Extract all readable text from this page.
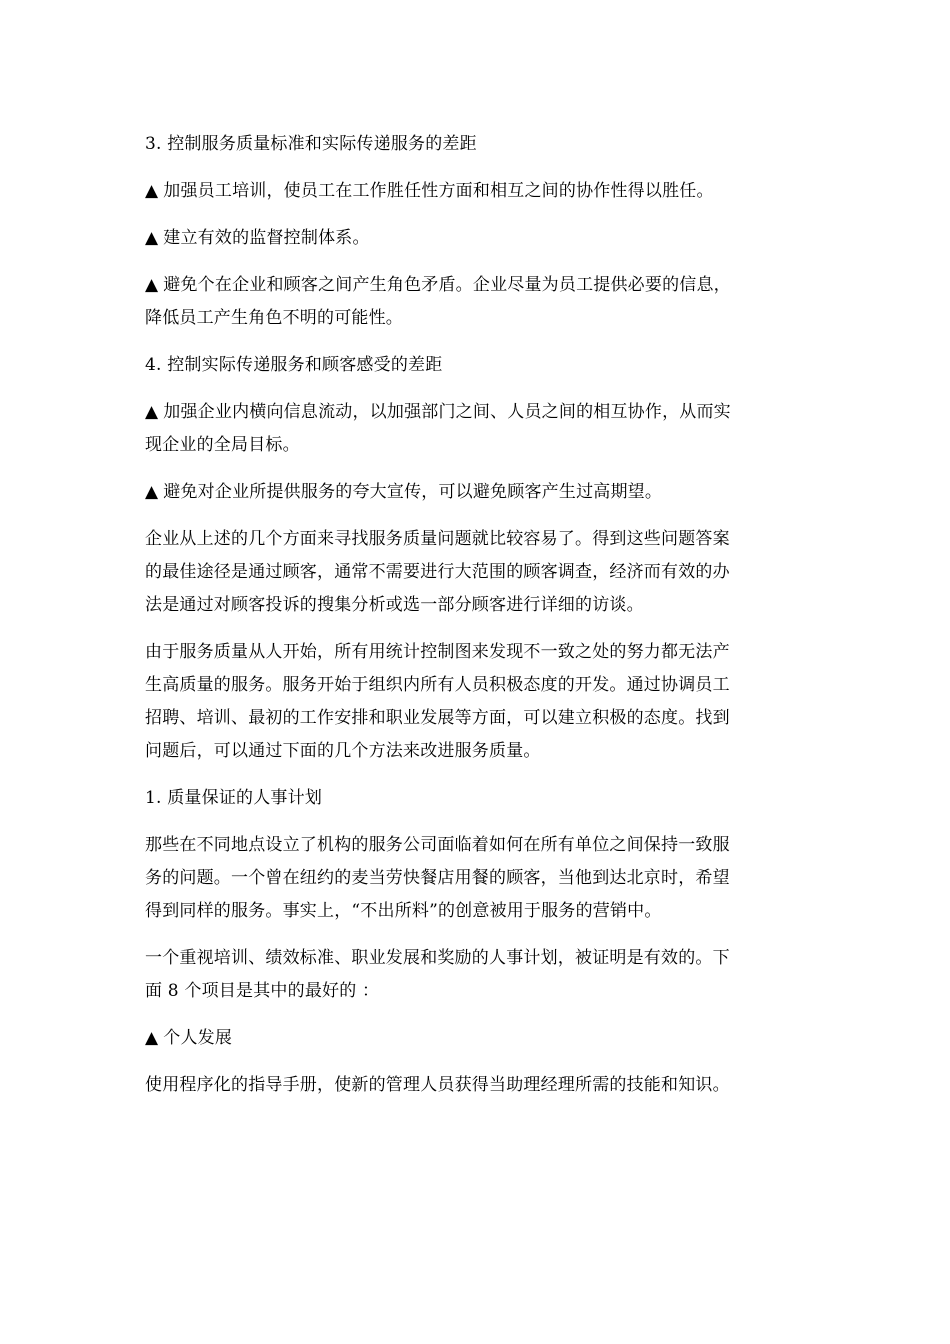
3. 控制服务质量标准和实际传递服务的差距

▲ 加强员工培训，使员工在工作胜任性方面和相互之间的协作性得以胜任。

▲ 建立有效的监督控制体系。

▲ 避免个在企业和顾客之间产生角色矛盾。企业尽量为员工提供必要的信息，
降低员工产生角色不明的可能性。

4. 控制实际传递服务和顾客感受的差距

▲ 加强企业内横向信息流动，以加强部门之间、人员之间的相互协作，从而实
现企业的全局目标。

▲ 避免对企业所提供服务的夸大宣传，可以避免顾客产生过高期望。

企业从上述的几个方面来寻找服务质量问题就比较容易了。得到这些问题答案
的最佳途径是通过顾客，通常不需要进行大范围的顾客调查，经济而有效的办
法是通过对顾客投诉的搜集分析或选一部分顾客进行详细的访谈。

由于服务质量从人开始，所有用统计控制图来发现不一致之处的努力都无法产
生高质量的服务。服务开始于组织内所有人员积极态度的开发。通过协调员工
招聘、培训、最初的工作安排和职业发展等方面，可以建立积极的态度。找到
问题后，可以通过下面的几个方法来改进服务质量。

1. 质量保证的人事计划

那些在不同地点设立了机构的服务公司面临着如何在所有单位之间保持一致服
务的问题。一个曾在纽约的麦当劳快餐店用餐的顾客，当他到达北京时，希望
得到同样的服务。事实上，“不出所料”的创意被用于服务的营销中。

一个重视培训、绩效标准、职业发展和奖励的人事计划，被证明是有效的。下
面 8 个项目是其中的最好的 ：

▲ 个人发展

使用程序化的指导手册，使新的管理人员获得当助理经理所需的技能和知识。
